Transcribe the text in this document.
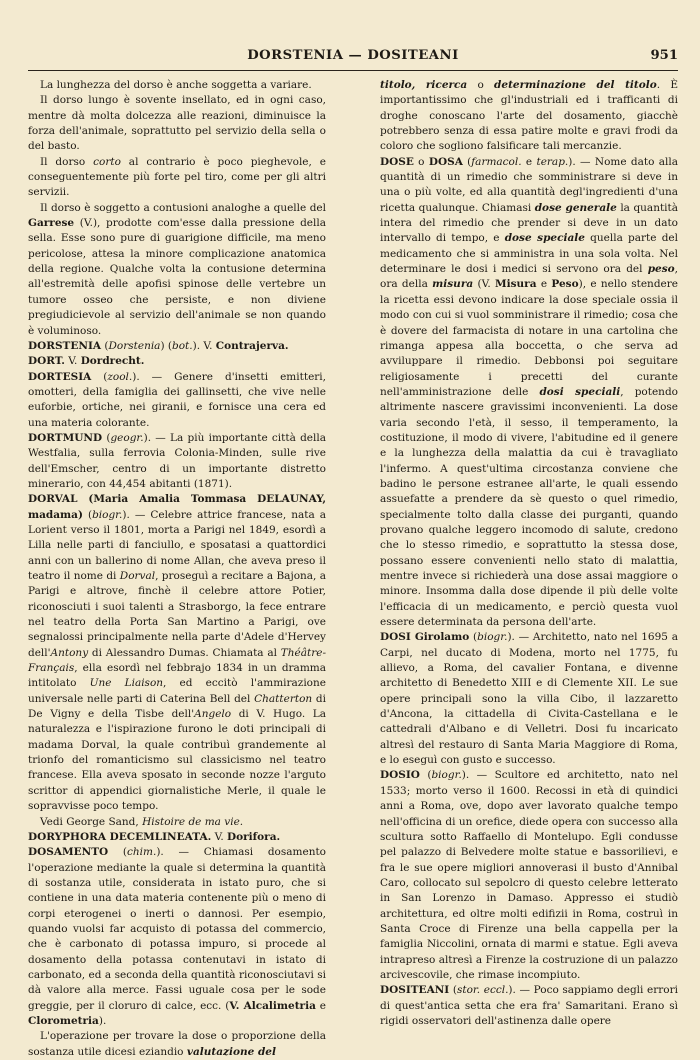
DORSTENIA — DOSITEANI	951

La lunghezza del dorso è anche soggetta a variare.

Il dorso lungo è sovente insellato, ed in ogni caso, mentre dà molta dolcezza alle reazioni, diminuisce la forza dell'animale, soprattutto pel servizio della sella o del basto.

Il dorso corto al contrario è poco pieghevole, e conseguentemente più forte pel tiro, come per gli altri servizii.

Il dorso è soggetto a contusioni analoghe a quelle del Garrese (V.), prodotte com'esse dalla pressione della sella. Esse sono pure di guarigione difficile, ma meno pericolose, attesa la minore complicazione anatomica della regione. Qualche volta la contusione determina all'estremità delle apofisi spinose delle vertebre un tumore osseo che persiste, e non diviene pregiudicievole al servizio dell'animale se non quando è voluminoso.

DORSTENIA (Dorstenia) (bot.). V. Contrajerva.

DORT. V. Dordrecht.

DORTESIA (zool.). — Genere d'insetti emitteri, omotteri, della famiglia dei gallinsetti, che vive nelle euforbie, ortiche, nei giranii, e fornisce una cera ed una materia colorante.

DORTMUND (geogr.). — La più importante città della Westfalia, sulla ferrovia Colonia-Minden, sulle rive dell'Emscher, centro di un importante distretto minerario, con 44,454 abitanti (1871).

DORVAL (Maria Amalia Tommasa DELAUNAY, madama) (biogr.). — Celebre attrice francese, nata a Lorient verso il 1801, morta a Parigi nel 1849, esordì a Lilla nelle parti di fanciullo, e sposatasi a quattordici anni con un ballerino di nome Allan, che aveva preso il teatro il nome di Dorval, proseguì a recitare a Bajona, a Parigi e altrove, finchè il celebre attore Potier, riconosciuti i suoi talenti a Strasborgo, la fece entrare nel teatro della Porta San Martino a Parigi, ove segnalossi principalmente nella parte d'Adele d'Hervey dell'Antony di Alessandro Dumas. Chiamata al Théâtre-Français, ella esordì nel febbrajo 1834 in un dramma intitolato Une Liaison, ed eccitò l'ammirazione universale nelle parti di Caterina Bell del Chatterton di De Vigny e della Tisbe dell'Angelo di V. Hugo. La naturalezza e l'ispirazione furono le doti principali di madama Dorval, la quale contribuì grandemente al trionfo del romanticismo sul classicismo nel teatro francese. Ella aveva sposato in seconde nozze l'arguto scrittor di appendici giornalistiche Merle, il quale le sopravvisse poco tempo.

Vedi George Sand, Histoire de ma vie.

DORYPHORA DECEMLINEATA. V. Dorifora.

DOSAMENTO (chim.). — Chiamasi dosamento l'operazione mediante la quale si determina la quantità di sostanza utile, considerata in istato puro, che si contiene in una data materia contenente più o meno di corpi eterogenei o inerti o dannosi. Per esempio, quando vuolsi far acquisto di potassa del commercio, che è carbonato di potassa impuro, si procede al dosamento della potassa contenutavi in istato di carbonato, ed a seconda della quantità riconosciutavi si dà valore alla merce. Fassi uguale cosa per le sode greggie, per il cloruro di calce, ecc. (V. Alcalimetria e Clorometria).

L'operazione per trovare la dose o proporzione della sostanza utile dicesi eziandio valutazione del

titolo, ricerca o determinazione del titolo. È importantissimo che gl'industriali ed i trafficanti di droghe conoscano l'arte del dosamento, giacchè potrebbero senza di essa patire molte e gravi frodi da coloro che sogliono falsificare tali mercanzie.

DOSE o DOSA (farmacol. e terap.). — Nome dato alla quantità di un rimedio che somministrare si deve in una o più volte, ed alla quantità degl'ingredienti d'una ricetta qualunque. Chiamasi dose generale la quantità intera del rimedio che prender si deve in un dato intervallo di tempo, e dose speciale quella parte del medicamento che si amministra in una sola volta. Nel determinare le dosi i medici si servono ora del peso, ora della misura (V. Misura e Peso), e nello stendere la ricetta essi devono indicare la dose speciale ossia il modo con cui si vuol somministrare il rimedio; cosa che è dovere del farmacista di notare in una cartolina che rimanga appesa alla boccetta, o che serva ad avviluppare il rimedio. Debbonsi poi seguitare religiosamente i precetti del curante nell'amministrazione delle dosi speciali, potendo altrimente nascere gravissimi inconvenienti. La dose varia secondo l'età, il sesso, il temperamento, la costituzione, il modo di vivere, l'abitudine ed il genere e la lunghezza della malattia da cui è travagliato l'infermo. A quest'ultima circostanza conviene che badino le persone estranee all'arte, le quali essendo assuefatte a prendere da sè questo o quel rimedio, specialmente tolto dalla classe dei purganti, quando provano qualche leggero incomodo di salute, credono che lo stesso rimedio, e soprattutto la stessa dose, possano essere convenienti nello stato di malattia, mentre invece si richiederà una dose assai maggiore o minore. Insomma dalla dose dipende il più delle volte l'efficacia di un medicamento, e perciò questa vuol essere determinata da persona dell'arte.

DOSI Girolamo (biogr.). — Architetto, nato nel 1695 a Carpi, nel ducato di Modena, morto nel 1775, fu allievo, a Roma, del cavalier Fontana, e divenne architetto di Benedetto XIII e di Clemente XII. Le sue opere principali sono la villa Cibo, il lazzaretto d'Ancona, la cittadella di Civita-Castellana e le cattedrali d'Albano e di Velletri. Dosi fu incaricato altresì del restauro di Santa Maria Maggiore di Roma, e lo eseguì con gusto e successo.

DOSIO (biogr.). — Scultore ed architetto, nato nel 1533; morto verso il 1600. Recossi in età di quindici anni a Roma, ove, dopo aver lavorato qualche tempo nell'officina di un orefice, diede opera con successo alla scultura sotto Raffaello di Montelupo. Egli condusse pel palazzo di Belvedere molte statue e bassorilievi, e fra le sue opere migliori annoverasi il busto d'Annibal Caro, collocato sul sepolcro di questo celebre letterato in San Lorenzo in Damaso. Appresso ei studiò architettura, ed oltre molti edifizii in Roma, costruì in Santa Croce di Firenze una bella cappella per la famiglia Niccolini, ornata di marmi e statue. Egli aveva intrapreso altresì a Firenze la costruzione di un palazzo arcivescovile, che rimase incompiuto.

DOSITEANI (stor. eccl.). — Poco sappiamo degli errori di quest'antica setta che era fra' Samaritani. Erano sì rigidi osservatori dell'astinenza dalle opere
